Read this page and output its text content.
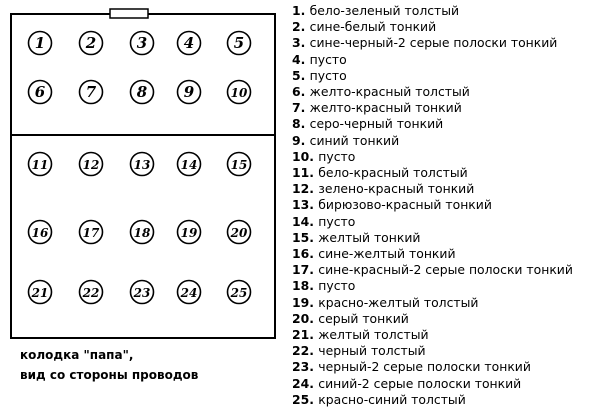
1	2	3 4	5
6	7	8 9	10
11	12	13	14	15
16	17	18	19	20
21	22	23	24	25
1. бело-зеленый толстый
2. сине-белый тонкий
3. сине-черный-2 серые полоски тонкий
4. пусто
5. пусто
6. желто-красный толстый
7. желто-красный тонкий
8. серо-черный тонкий
9. синий тонкий
10. пусто
11. бело-красный толстый
12. зелено-красный тонкий
13. бирюзово-красный тонкий
14. пусто
15. желтый тонкий
16. сине-желтый тонкий
17. сине-красный-2 серые полоски тонкий
18. пусто
19. красно-желтый толстый
20. серый тонкий
21. желтый толстый
22. черный толстый
23. черный-2 серые полоски тонкий
24. синий-2 серые полоски тонкий
25. красно-синий толстый
колодка "папа",
вид со стороны проводов
